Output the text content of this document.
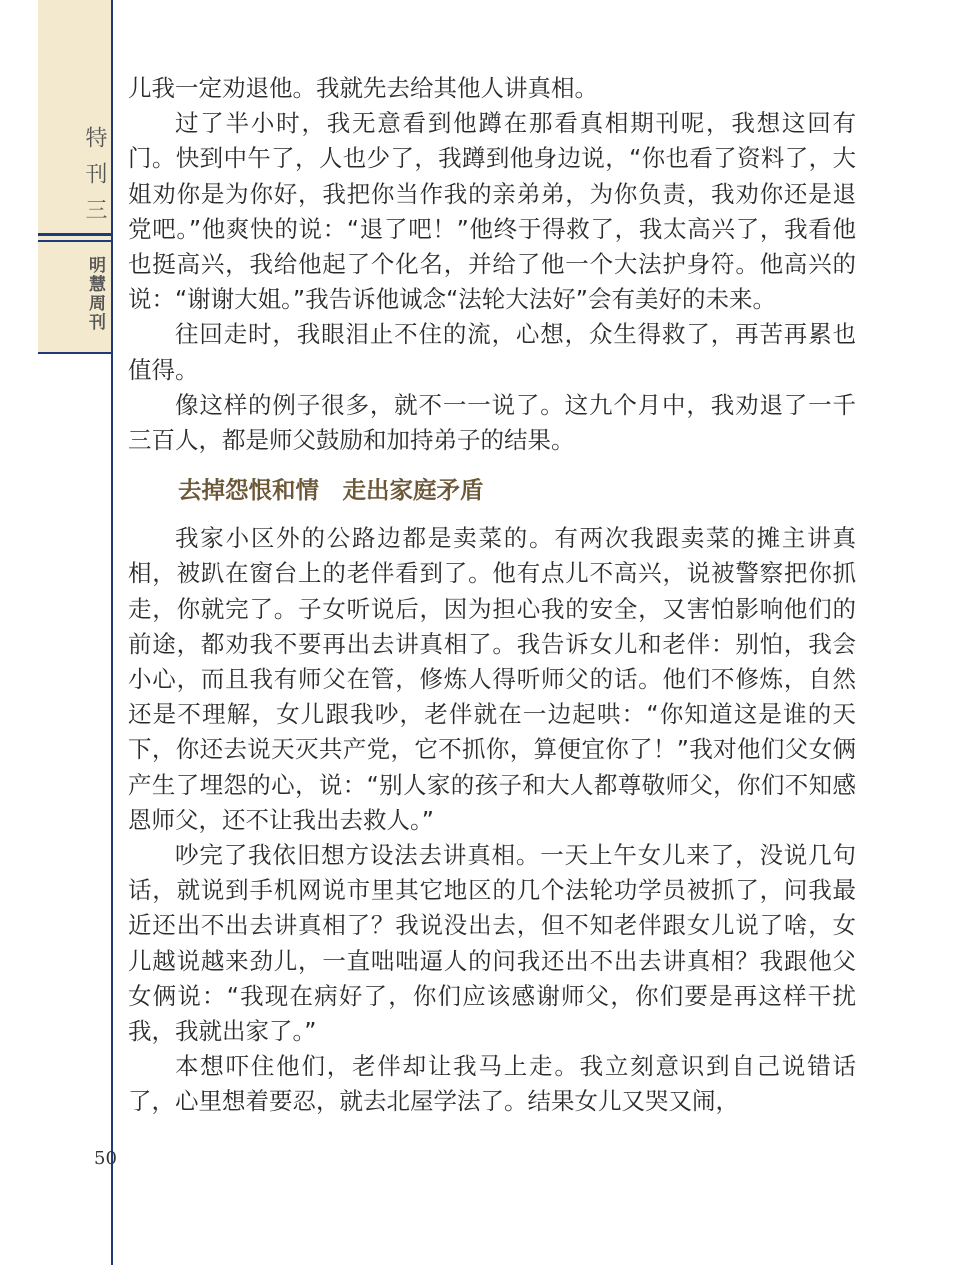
特刊三
明慧周刊

儿我一定劝退他。我就先去给其他人讲真相。

过了半小时，我无意看到他蹲在那看真相期刊呢，我想这回有门。快到中午了，人也少了，我蹲到他身边说，“你也看了资料了，大姐劝你是为你好，我把你当作我的亲弟弟，为你负责，我劝你还是退党吧。”他爽快的说：“退了吧！”他终于得救了，我太高兴了，我看他也挺高兴，我给他起了个化名，并给了他一个大法护身符。他高兴的说：“谢谢大姐。”我告诉他诚念“法轮大法好”会有美好的未来。

往回走时，我眼泪止不住的流，心想，众生得救了，再苦再累也值得。

像这样的例子很多，就不一一说了。这九个月中，我劝退了一千三百人，都是师父鼓励和加持弟子的结果。

去掉怨恨和情　走出家庭矛盾

我家小区外的公路边都是卖菜的。有两次我跟卖菜的摊主讲真相，被趴在窗台上的老伴看到了。他有点儿不高兴，说被警察把你抓走，你就完了。子女听说后，因为担心我的安全，又害怕影响他们的前途，都劝我不要再出去讲真相了。我告诉女儿和老伴：别怕，我会小心，而且我有师父在管，修炼人得听师父的话。他们不修炼，自然还是不理解，女儿跟我吵，老伴就在一边起哄：“你知道这是谁的天下，你还去说天灭共产党，它不抓你，算便宜你了！”我对他们父女俩产生了埋怨的心，说：“别人家的孩子和大人都尊敬师父，你们不知感恩师父，还不让我出去救人。”

吵完了我依旧想方设法去讲真相。一天上午女儿来了，没说几句话，就说到手机网说市里其它地区的几个法轮功学员被抓了，问我最近还出不出去讲真相了？我说没出去，但不知老伴跟女儿说了啥，女儿越说越来劲儿，一直咄咄逼人的问我还出不出去讲真相？我跟他父女俩说：“我现在病好了，你们应该感谢师父，你们要是再这样干扰我，我就出家了。”

本想吓住他们，老伴却让我马上走。我立刻意识到自己说错话了，心里想着要忍，就去北屋学法了。结果女儿又哭又闹，

50
